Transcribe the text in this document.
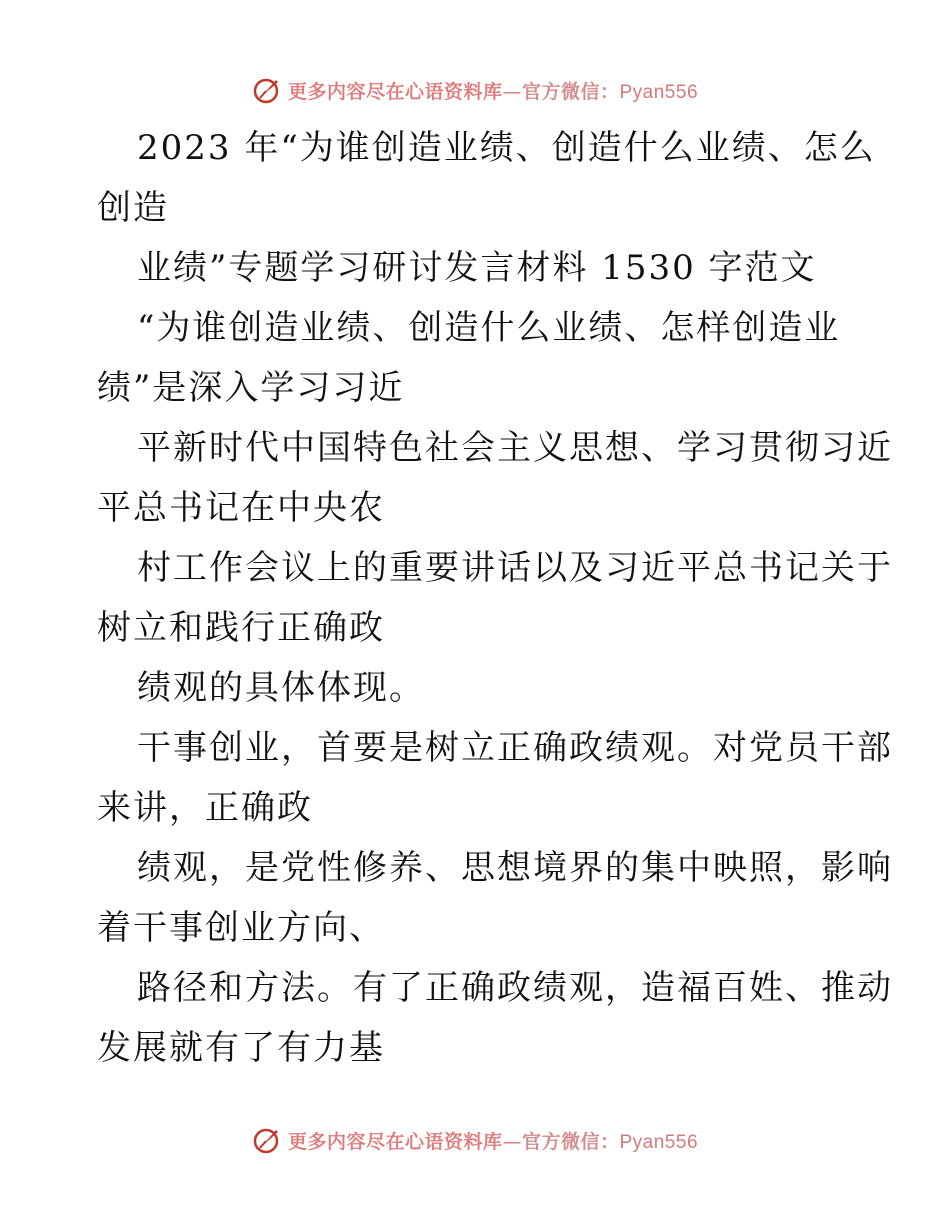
更多内容尽在心语资料库—官方微信：Pyan556
2023 年“为谁创造业绩、创造什么业绩、怎么
创造
业绩”专题学习研讨发言材料 1530 字范文
“为谁创造业绩、创造什么业绩、怎样创造业
绩”是深入学习习近
平新时代中国特色社会主义思想、学习贯彻习近
平总书记在中央农
村工作会议上的重要讲话以及习近平总书记关于
树立和践行正确政
绩观的具体体现。
干事创业，首要是树立正确政绩观。对党员干部
来讲，正确政
绩观，是党性修养、思想境界的集中映照，影响
着干事创业方向、
路径和方法。有了正确政绩观，造福百姓、推动
发展就有了有力基
更多内容尽在心语资料库—官方微信：Pyan556
